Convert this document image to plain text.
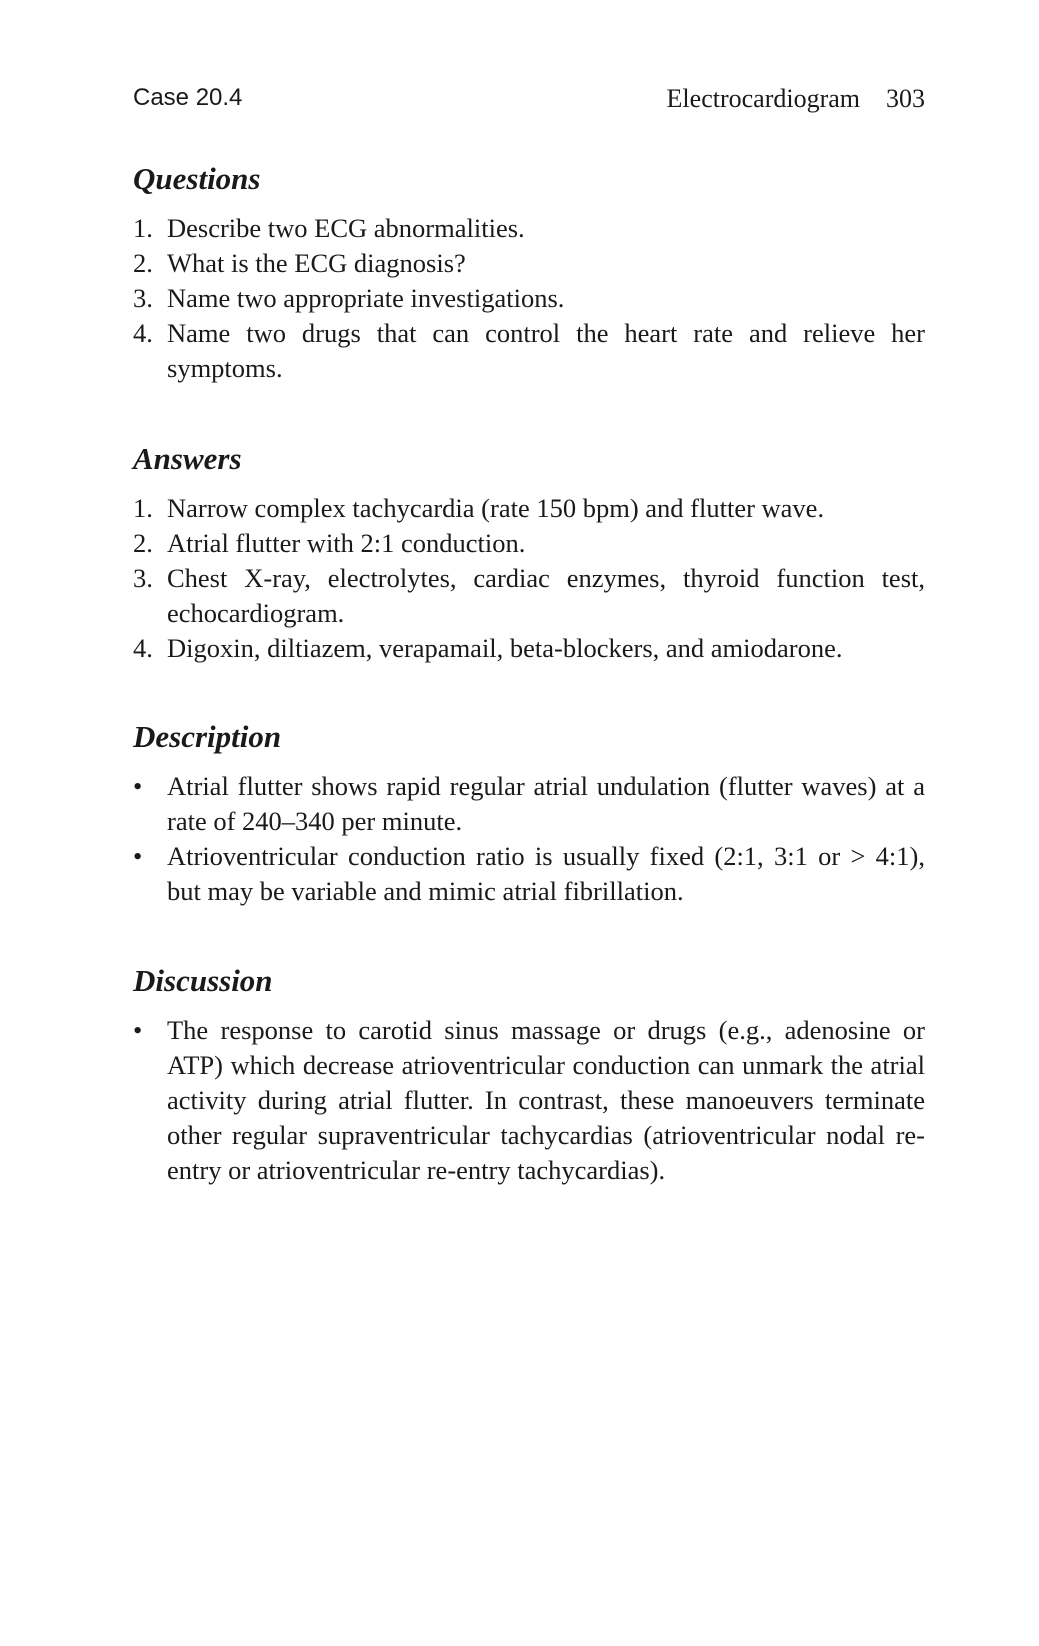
Case 20.4	Electrocardiogram 303
Questions
1. Describe two ECG abnormalities.
2. What is the ECG diagnosis?
3. Name two appropriate investigations.
4. Name two drugs that can control the heart rate and relieve her symptoms.
Answers
1. Narrow complex tachycardia (rate 150 bpm) and flutter wave.
2. Atrial flutter with 2:1 conduction.
3. Chest X-ray, electrolytes, cardiac enzymes, thyroid function test, echocardiogram.
4. Digoxin, diltiazem, verapamail, beta-blockers, and amiodarone.
Description
• Atrial flutter shows rapid regular atrial undulation (flutter waves) at a rate of 240–340 per minute.
• Atrioventricular conduction ratio is usually fixed (2:1, 3:1 or > 4:1), but may be variable and mimic atrial fibrillation.
Discussion
• The response to carotid sinus massage or drugs (e.g., adenosine or ATP) which decrease atrioventricular conduction can unmark the atrial activity during atrial flutter. In contrast, these manoeuvers terminate other regular supraventricular tachycardias (atrioventricular nodal re-entry or atrioventricular re-entry tachycardias).
